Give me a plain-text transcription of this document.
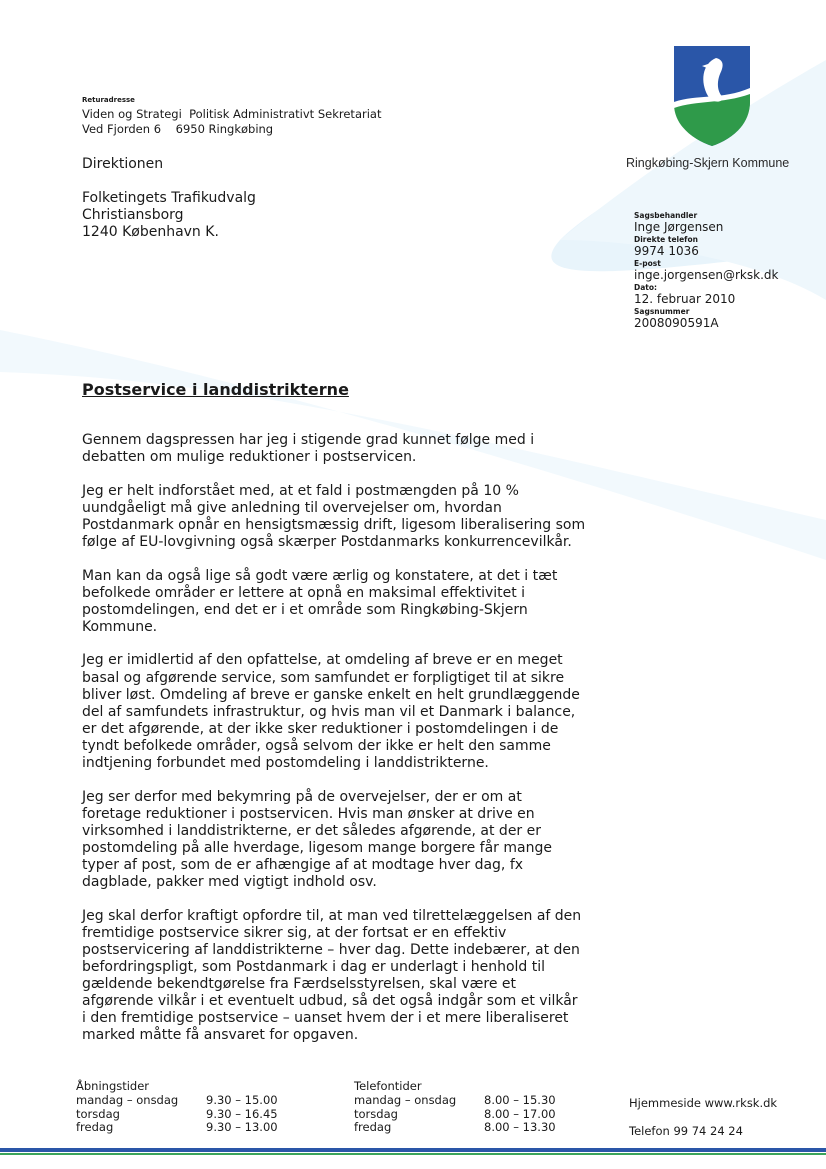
Returadresse
Viden og Strategi  Politisk Administrativt Sekretariat
Ved Fjorden 6    6950 Ringkøbing
Direktionen
Folketingets Trafikudvalg
Christiansborg
1240 København K.
Ringkøbing-Skjern Kommune
Sagsbehandler
Inge Jørgensen
Direkte telefon
9974 1036
E-post
inge.jorgensen@rksk.dk
Dato:
12. februar 2010
Sagsnummer
2008090591A
Postservice i landdistrikterne

Gennem dagspressen har jeg i stigende grad kunnet følge med i
debatten om mulige reduktioner i postservicen.

Jeg er helt indforstået med, at et fald i postmængden på 10 %
uundgåeligt må give anledning til overvejelser om, hvordan
Postdanmark opnår en hensigtsmæssig drift, ligesom liberalisering som
følge af EU-lovgivning også skærper Postdanmarks konkurrencevilkår.

Man kan da også lige så godt være ærlig og konstatere, at det i tæt
befolkede områder er lettere at opnå en maksimal effektivitet i
postomdelingen, end det er i et område som Ringkøbing-Skjern
Kommune.

Jeg er imidlertid af den opfattelse, at omdeling af breve er en meget
basal og afgørende service, som samfundet er forpligtiget til at sikre
bliver løst. Omdeling af breve er ganske enkelt en helt grundlæggende
del af samfundets infrastruktur, og hvis man vil et Danmark i balance,
er det afgørende, at der ikke sker reduktioner i postomdelingen i de
tyndt befolkede områder, også selvom der ikke er helt den samme
indtjening forbundet med postomdeling i landdistrikterne.

Jeg ser derfor med bekymring på de overvejelser, der er om at
foretage reduktioner i postservicen. Hvis man ønsker at drive en
virksomhed i landdistrikterne, er det således afgørende, at der er
postomdeling på alle hverdage, ligesom mange borgere får mange
typer af post, som de er afhængige af at modtage hver dag, fx
dagblade, pakker med vigtigt indhold osv.

Jeg skal derfor kraftigt opfordre til, at man ved tilrettelæggelsen af den
fremtidige postservice sikrer sig, at der fortsat er en effektiv
postservicering af landdistrikterne – hver dag. Dette indebærer, at den
befordringspligt, som Postdanmark i dag er underlagt i henhold til
gældende bekendtgørelse fra Færdselsstyrelsen, skal være et
afgørende vilkår i et eventuelt udbud, så det også indgår som et vilkår
i den fremtidige postservice – uanset hvem der i et mere liberaliseret
marked måtte få ansvaret for opgaven.

Åbningstider
mandag – onsdag	9.30 – 15.00
torsdag	9.30 – 16.45
fredag	9.30 – 13.00
Telefontider
mandag – onsdag	8.00 – 15.30
torsdag	8.00 – 17.00
fredag	8.00 – 13.30
Hjemmeside www.rksk.dk
Telefon 99 74 24 24
